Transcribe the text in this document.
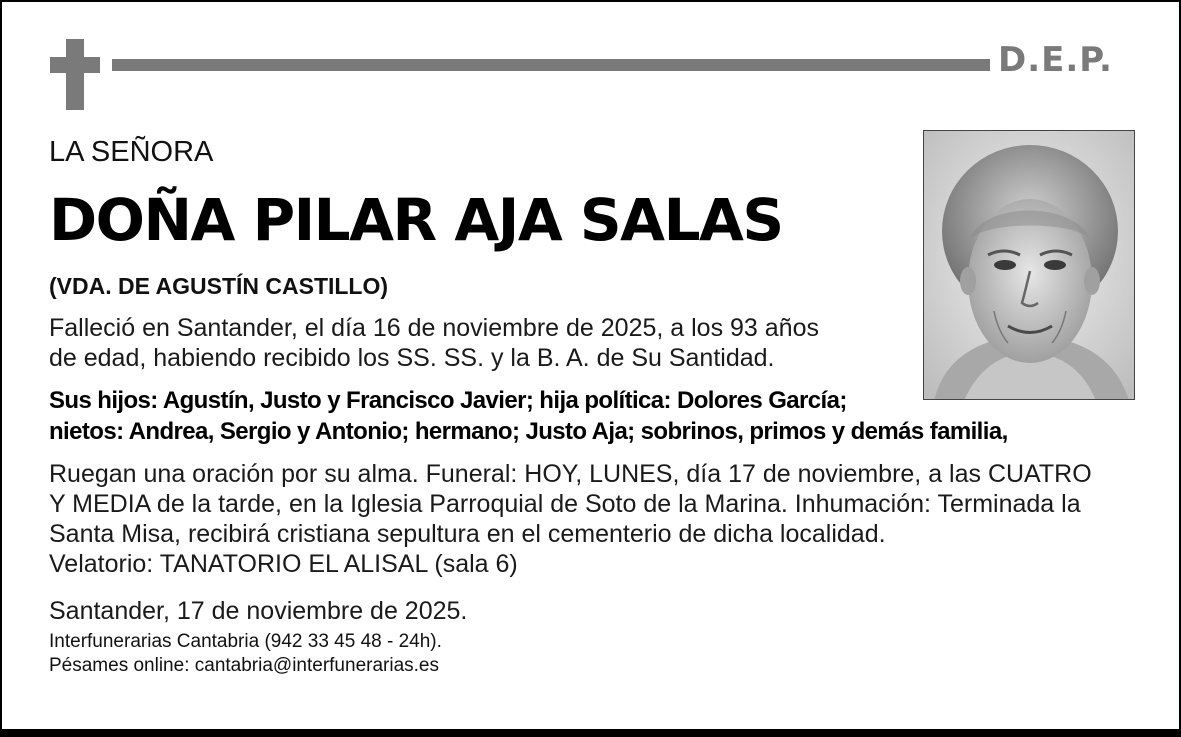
D.E.P.
LA SEÑORA
DOÑA PILAR AJA SALAS
(VDA. DE AGUSTÍN CASTILLO)
Falleció en Santander, el día 16 de noviembre de 2025, a los 93 años
de edad, habiendo recibido los SS. SS. y la B. A. de Su Santidad.
Sus hijos: Agustín, Justo y Francisco Javier; hija política: Dolores García;
nietos: Andrea, Sergio y Antonio; hermano; Justo Aja; sobrinos, primos y demás familia,
Ruegan una oración por su alma. Funeral: HOY, LUNES, día 17 de noviembre, a las CUATRO
Y MEDIA de la tarde, en la Iglesia Parroquial de Soto de la Marina. Inhumación: Terminada la
Santa Misa, recibirá cristiana sepultura en el cementerio de dicha localidad.
Velatorio: TANATORIO EL ALISAL (sala 6)
Santander, 17 de noviembre de 2025.
Interfunerarias Cantabria (942 33 45 48 - 24h).
Pésames online: cantabria@interfunerarias.es
